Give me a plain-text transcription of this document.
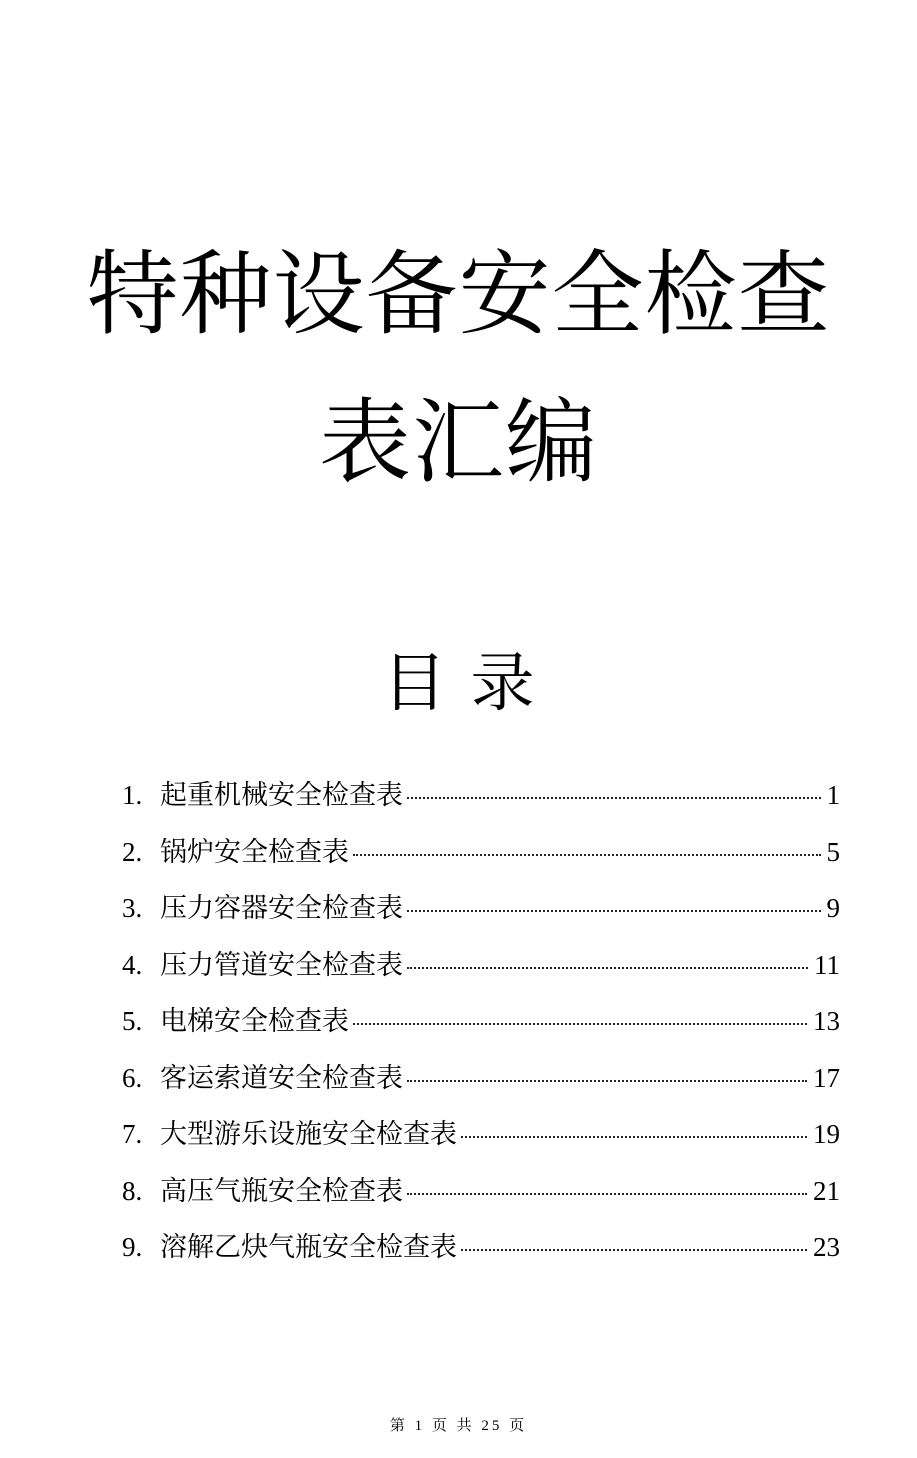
特种设备安全检查
表汇编
目录
1. 起重机械安全检查表	1
2. 锅炉安全检查表	5
3. 压力容器安全检查表	9
4. 压力管道安全检查表	11
5. 电梯安全检查表	13
6. 客运索道安全检查表	17
7. 大型游乐设施安全检查表	19
8. 高压气瓶安全检查表	21
9. 溶解乙炔气瓶安全检查表	23
第 1 页 共 25 页
